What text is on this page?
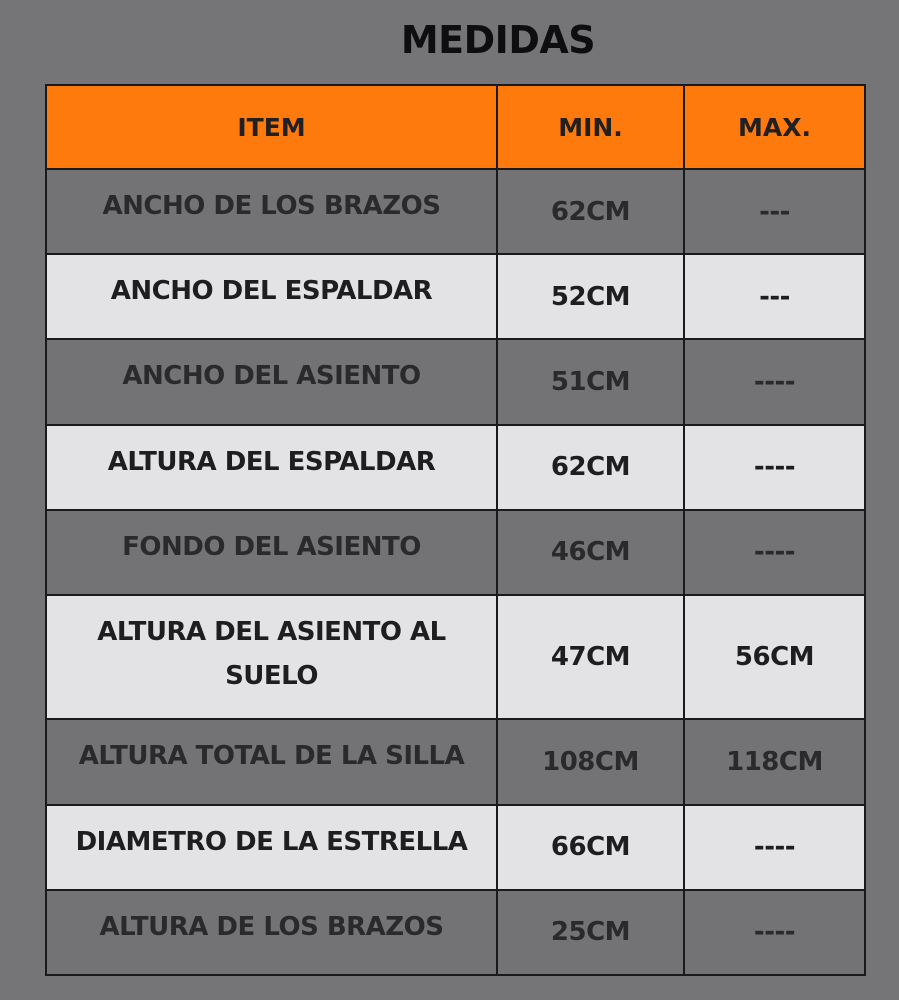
MEDIDAS
ITEM	MIN.	MAX.
ANCHO DE LOS BRAZOS	62CM	---
ANCHO DEL ESPALDAR	52CM	---
ANCHO DEL ASIENTO	51CM	----
ALTURA DEL ESPALDAR	62CM	----
FONDO DEL ASIENTO	46CM	----
ALTURA DEL ASIENTO AL SUELO	47CM	56CM
ALTURA TOTAL DE LA SILLA	108CM	118CM
DIAMETRO DE LA ESTRELLA	66CM	----
ALTURA DE LOS BRAZOS	25CM	----
